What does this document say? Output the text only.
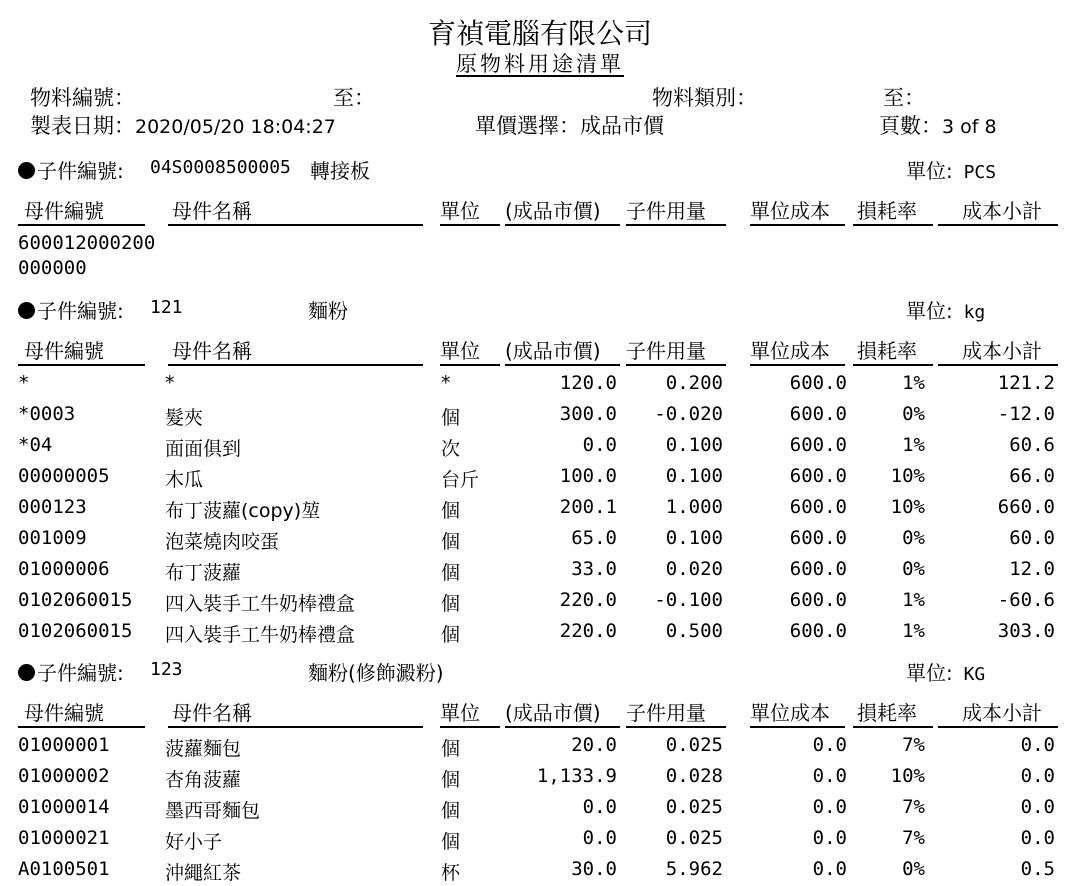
育禎電腦有限公司
原物料用途清單
物料編號：	至：	物料類別：	至：
製表日期：2020/05/20 18:04:27	單價選擇：成品市價	頁數：3 of 8
子件編號: 04S0008500005 轉接板	單位: PCS
母件編號	母件名稱	單位 (成品市價) 子件用量 單位成本 損耗率 成本小計
600012000200
000000
子件編號: 121	麵粉	單位: kg
母件編號	母件名稱	單位 (成品市價) 子件用量 單位成本 損耗率 成本小計
*	*	*	120.0	0.200	600.0	1%	121.2
*0003	髮夾	個	300.0	-0.020	600.0	0%	-12.0
*04	面面俱到	次	0.0	0.100	600.0	1%	60.6
00000005	木瓜	台斤	100.0	0.100	600.0	10%	66.0
000123	布丁菠蘿(copy)堃	個	200.1	1.000	600.0	10%	660.0
001009	泡菜燒肉咬蛋	個	65.0	0.100	600.0	0%	60.0
01000006	布丁菠蘿	個	33.0	0.020	600.0	0%	12.0
0102060015	四入裝手工牛奶棒禮盒	個	220.0	-0.100	600.0	1%	-60.6
0102060015	四入裝手工牛奶棒禮盒	個	220.0	0.500	600.0	1%	303.0
子件編號: 123	麵粉(修飾澱粉)	單位: KG
母件編號	母件名稱	單位 (成品市價) 子件用量 單位成本 損耗率 成本小計
01000001	菠蘿麵包	個	20.0	0.025	0.0	7%	0.0
01000002	杏角菠蘿	個	1,133.9	0.028	0.0	10%	0.0
01000014	墨西哥麵包	個	0.0	0.025	0.0	7%	0.0
01000021	好小子	個	0.0	0.025	0.0	7%	0.0
A0100501	沖繩紅茶	杯	30.0	5.962	0.0	0%	0.5
